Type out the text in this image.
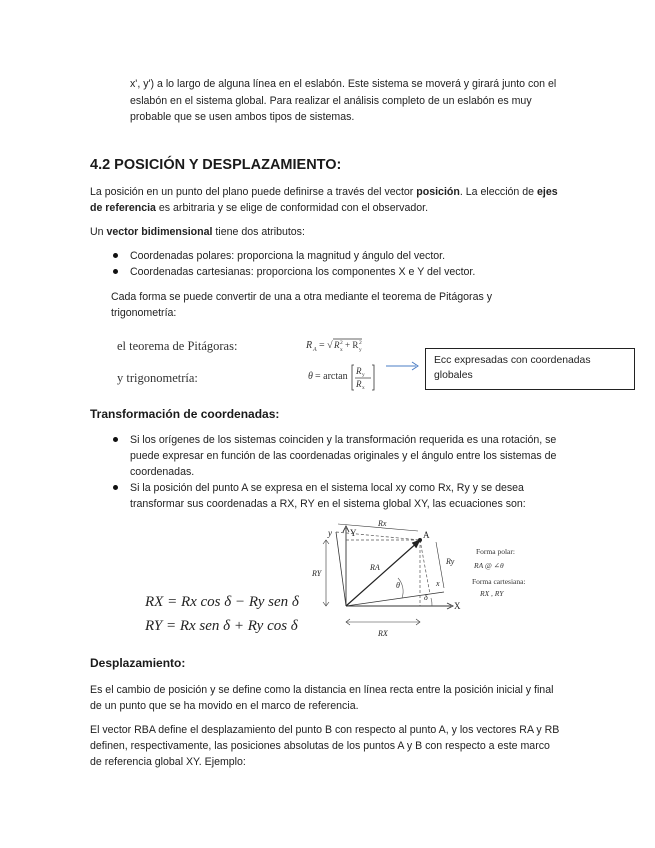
x', y') a lo largo de alguna línea en el eslabón. Este sistema se moverá y girará junto con el
eslabón en el sistema global. Para realizar el análisis completo de un eslabón es muy
probable que se usen ambos tipos de sistemas.
4.2 POSICIÓN Y DESPLAZAMIENTO:
La posición en un punto del plano puede definirse a través del vector posición. La elección de ejes
de referencia es arbitraria y se elige de conformidad con el observador.
Un vector bidimensional tiene dos atributos:
Coordenadas polares: proporciona la magnitud y ángulo del vector.
Coordenadas cartesianas: proporciona los componentes X e Y del vector.
Cada forma se puede convertir de una a otra mediante el teorema de Pitágoras y
trigonometría:
el teorema de Pitágoras:
y trigonometría:
R A = √ R 2
x + R 2
y
θ = arctan R y
R x
Ecc expresadas con coordenadas
globales
Transformación de coordenadas:
Si los orígenes de los sistemas coinciden y la transformación requerida es una rotación, se
puede expresar en función de las coordenadas originales y el ángulo entre los sistemas de
coordenadas.
Si la posición del punto A se expresa en el sistema local xy como Rx, Ry y se desea
transformar sus coordenadas a RX, RY en el sistema global XY, las ecuaciones son:
RX = Rx cos δ − Ry sen δ
RY = Rx sen δ + Ry cos δ
Y
y
X
x
A
RY
RX
Rx
Ry
RA
θ
δ
Forma polar:
RA @ ∠θ
Forma cartesiana:
RX , RY
Desplazamiento:
Es el cambio de posición y se define como la distancia en línea recta entre la posición inicial y final
de un punto que se ha movido en el marco de referencia.
El vector RBA define el desplazamiento del punto B con respecto al punto A, y los vectores RA y RB
definen, respectivamente, las posiciones absolutas de los puntos A y B con respecto a este marco
de referencia global XY. Ejemplo:
